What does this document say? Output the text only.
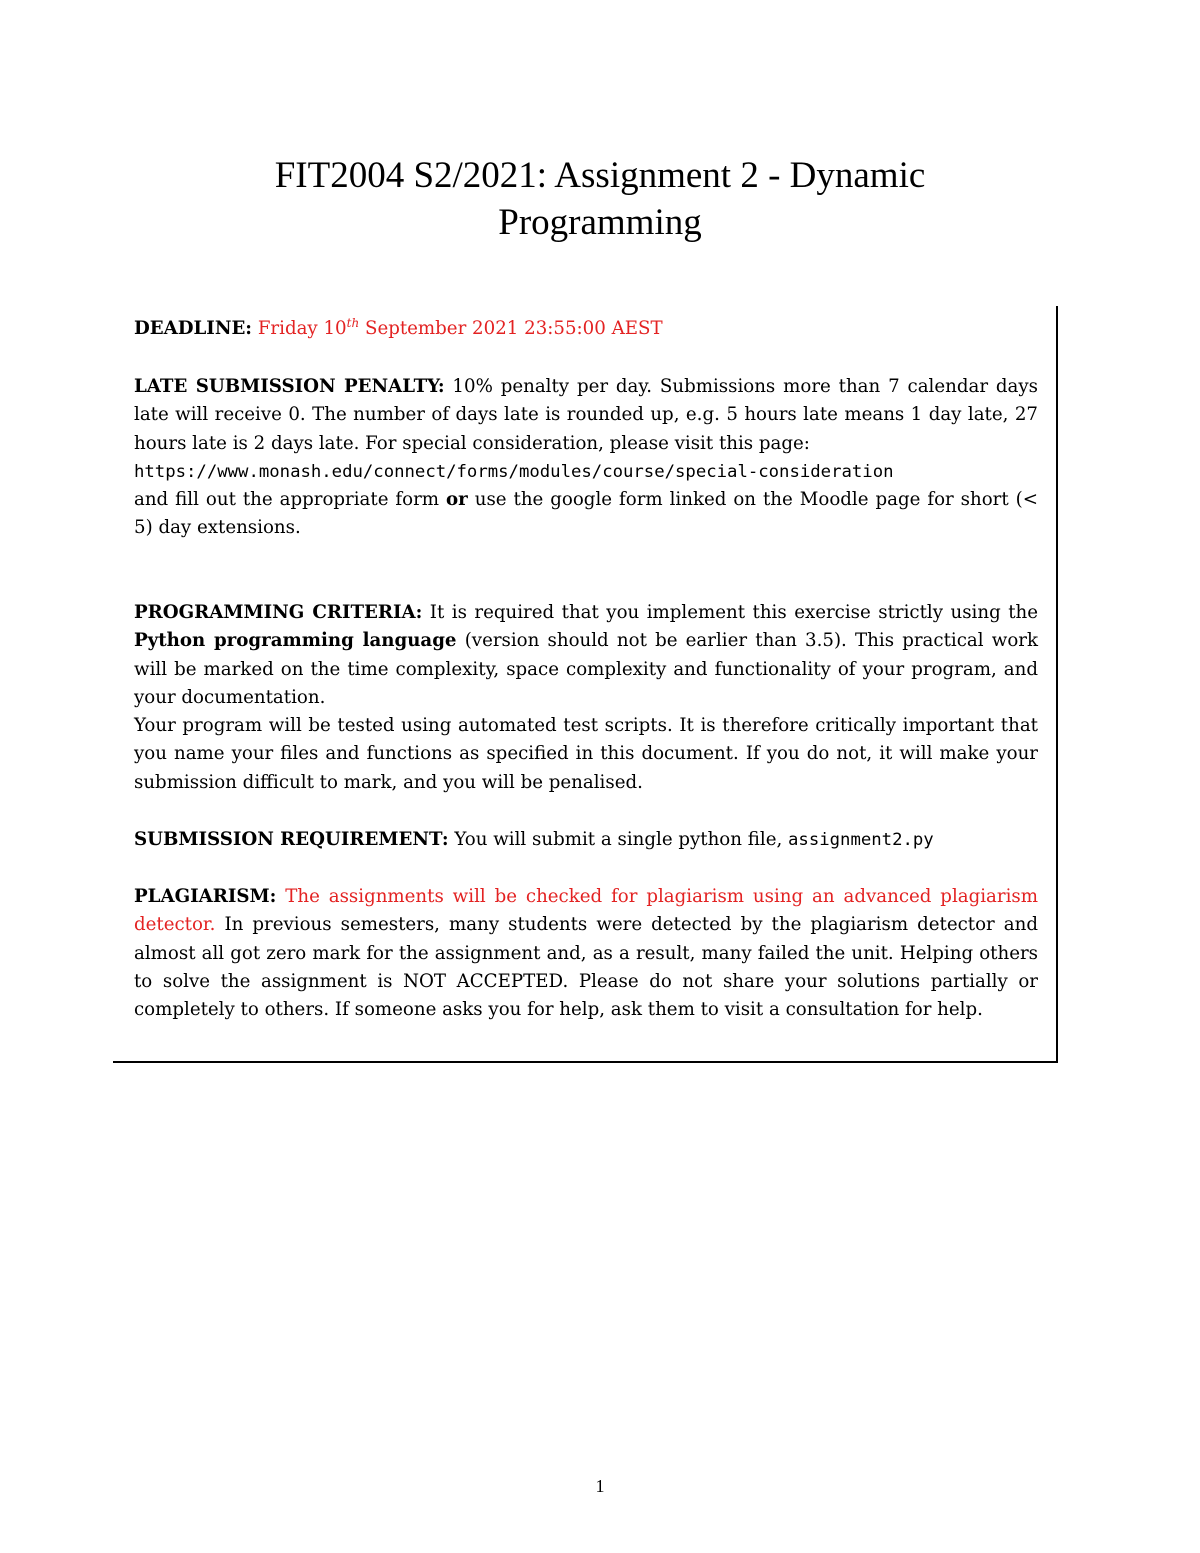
FIT2004 S2/2021: Assignment 2 - Dynamic
Programming

DEADLINE: Friday 10th September 2021 23:55:00 AEST

LATE SUBMISSION PENALTY: 10% penalty per day. Submissions more than 7 calendar days late will receive 0. The number of days late is rounded up, e.g. 5 hours late means 1 day late, 27 hours late is 2 days late. For special consideration, please visit this page:
https://www.monash.edu/connect/forms/modules/course/special-consideration
and fill out the appropriate form or use the google form linked on the Moodle page for short (< 5) day extensions.

PROGRAMMING CRITERIA: It is required that you implement this exercise strictly using the Python programming language (version should not be earlier than 3.5). This practical work will be marked on the time complexity, space complexity and functionality of your program, and your documentation.
Your program will be tested using automated test scripts. It is therefore critically important that you name your files and functions as specified in this document. If you do not, it will make your submission difficult to mark, and you will be penalised.

SUBMISSION REQUIREMENT: You will submit a single python file, assignment2.py

PLAGIARISM: The assignments will be checked for plagiarism using an advanced plagiarism detector. In previous semesters, many students were detected by the plagiarism detector and almost all got zero mark for the assignment and, as a result, many failed the unit. Helping others to solve the assignment is NOT ACCEPTED. Please do not share your solutions partially or completely to others. If someone asks you for help, ask them to visit a consultation for help.

1
